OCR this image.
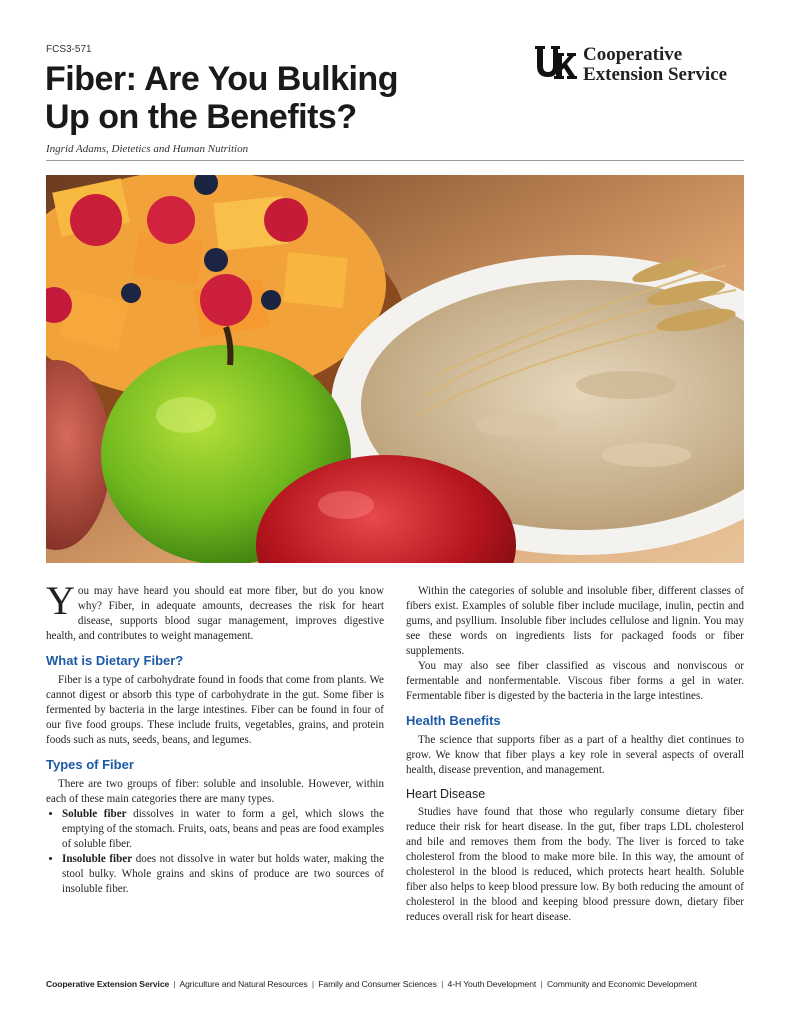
FCS3-571
Fiber: Are You Bulking
Up on the Benefits?
Ingrid Adams, Dietetics and Human Nutrition
Cooperative
Extension Service

You may have heard you should eat more fiber, but do you know why? Fiber, in adequate amounts, decreases the risk for heart disease, supports blood sugar management, improves digestive health, and contributes to weight management.

What is Dietary Fiber?

Fiber is a type of carbohydrate found in foods that come from plants. We cannot digest or absorb this type of carbohydrate in the gut. Some fiber is fermented by bacteria in the large intestines. Fiber can be found in four of our five food groups. These include fruits, vegetables, grains, and protein foods such as nuts, seeds, beans, and legumes.

Types of Fiber

There are two groups of fiber: soluble and insoluble. However, within each of these main categories there are many types.

• Soluble fiber dissolves in water to form a gel, which slows the emptying of the stomach. Fruits, oats, beans and peas are food examples of soluble fiber.
• Insoluble fiber does not dissolve in water but holds water, making the stool bulky. Whole grains and skins of produce are two sources of insoluble fiber.

Within the categories of soluble and insoluble fiber, different classes of fibers exist. Examples of soluble fiber include mucilage, inulin, pectin and gums, and psyllium. Insoluble fiber includes cellulose and lignin. You may see these words on ingredients lists for packaged foods or fiber supplements.

You may also see fiber classified as viscous and nonviscous or fermentable and nonfermentable. Viscous fiber forms a gel in water. Fermentable fiber is digested by the bacteria in the large intestines.

Health Benefits

The science that supports fiber as a part of a healthy diet continues to grow. We know that fiber plays a key role in several aspects of overall health, disease prevention, and management.

Heart Disease

Studies have found that those who regularly consume dietary fiber reduce their risk for heart disease. In the gut, fiber traps LDL cholesterol and bile and removes them from the body. The liver is forced to take cholesterol from the blood to make more bile. In this way, the amount of cholesterol in the blood is reduced, which protects heart health. Soluble fiber also helps to keep blood pressure low. By both reducing the amount of cholesterol in the blood and keeping blood pressure down, dietary fiber reduces overall risk for heart disease.

Cooperative Extension Service | Agriculture and Natural Resources | Family and Consumer Sciences | 4-H Youth Development | Community and Economic Development
